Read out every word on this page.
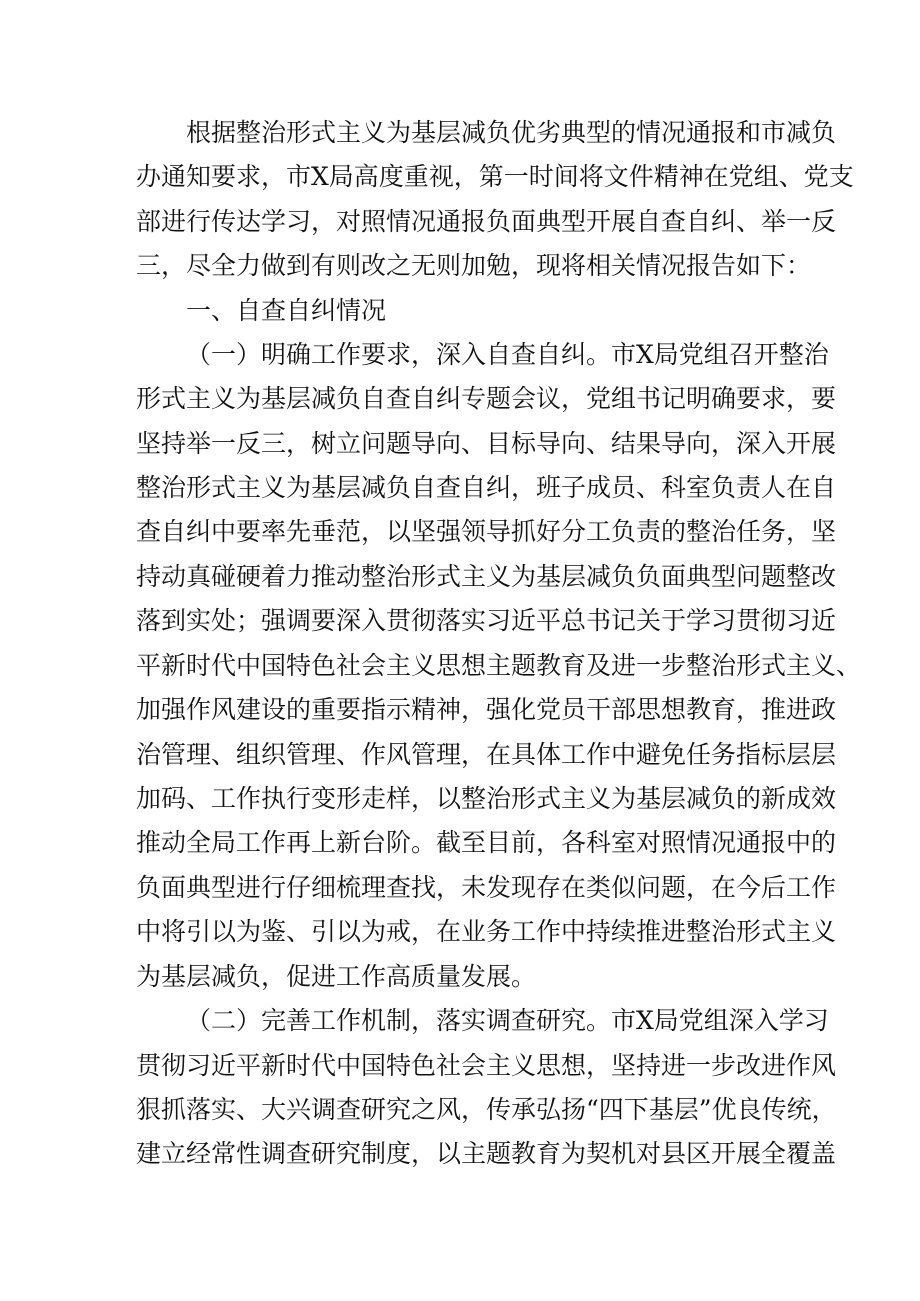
根据整治形式主义为基层减负优劣典型的情况通报和市减负
办通知要求，市X局高度重视，第一时间将文件精神在党组、党支
部进行传达学习，对照情况通报负面典型开展自查自纠、举一反
三，尽全力做到有则改之无则加勉，现将相关情况报告如下：
一、自查自纠情况
（一）明确工作要求，深入自查自纠。市X局党组召开整治
形式主义为基层减负自查自纠专题会议，党组书记明确要求，要
坚持举一反三，树立问题导向、目标导向、结果导向，深入开展
整治形式主义为基层减负自查自纠，班子成员、科室负责人在自
查自纠中要率先垂范，以坚强领导抓好分工负责的整治任务，坚
持动真碰硬着力推动整治形式主义为基层减负负面典型问题整改
落到实处；强调要深入贯彻落实习近平总书记关于学习贯彻习近
平新时代中国特色社会主义思想主题教育及进一步整治形式主义、
加强作风建设的重要指示精神，强化党员干部思想教育，推进政
治管理、组织管理、作风管理，在具体工作中避免任务指标层层
加码、工作执行变形走样，以整治形式主义为基层减负的新成效
推动全局工作再上新台阶。截至目前，各科室对照情况通报中的
负面典型进行仔细梳理查找，未发现存在类似问题，在今后工作
中将引以为鉴、引以为戒，在业务工作中持续推进整治形式主义
为基层减负，促进工作高质量发展。
（二）完善工作机制，落实调查研究。市X局党组深入学习
贯彻习近平新时代中国特色社会主义思想，坚持进一步改进作风
狠抓落实、大兴调查研究之风，传承弘扬“四下基层”优良传统，
建立经常性调查研究制度，以主题教育为契机对县区开展全覆盖
